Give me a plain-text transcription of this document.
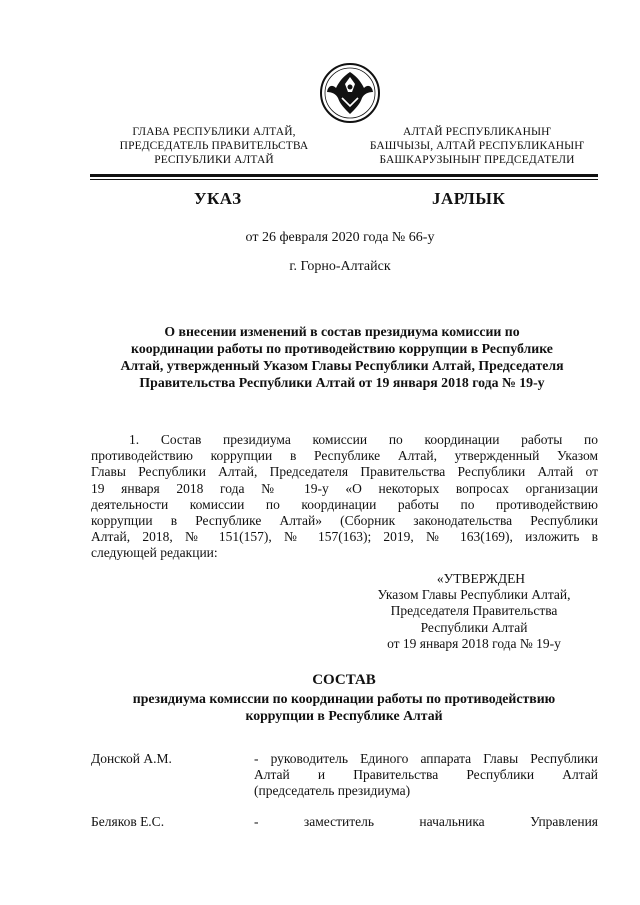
ГЛАВА РЕСПУБЛИКИ АЛТАЙ,
ПРЕДСЕДАТЕЛЬ ПРАВИТЕЛЬСТВА
РЕСПУБЛИКИ АЛТАЙ
АЛТАЙ РЕСПУБЛИКАНЫҤ
БАШЧЫЗЫ, АЛТАЙ РЕСПУБЛИКАНЫҤ
БАШКАРУЗЫНЫҤ ПРЕДСЕДАТЕЛИ
УКАЗ	JАРЛЫК
от 26 февраля 2020 года № 66-у
г. Горно-Алтайск
О внесении изменений в состав президиума комиссии по
координации работы по противодействию коррупции в Республике
Алтай, утвержденный Указом Главы Республики Алтай, Председателя
Правительства Республики Алтай от 19 января 2018 года № 19-у
1. Состав президиума комиссии по координации работы по
противодействию коррупции в Республике Алтай, утвержденный Указом
Главы Республики Алтай, Председателя Правительства Республики Алтай от
19 января 2018 года № 19-у «О некоторых вопросах организации
деятельности комиссии по координации работы по противодействию
коррупции в Республике Алтай» (Сборник законодательства Республики
Алтай, 2018, № 151(157), № 157(163); 2019, № 163(169), изложить в
следующей редакции:
«УТВЕРЖДЕН
Указом Главы Республики Алтай,
Председателя Правительства
Республики Алтай
от 19 января 2018 года № 19-у
СОСТАВ
президиума комиссии по координации работы по противодействию
коррупции в Республике Алтай
Донской А.М.	- руководитель Единого аппарата Главы Республики
Алтай и Правительства Республики Алтай
(председатель президиума)
Беляков Е.С.	- заместитель начальника Управления
